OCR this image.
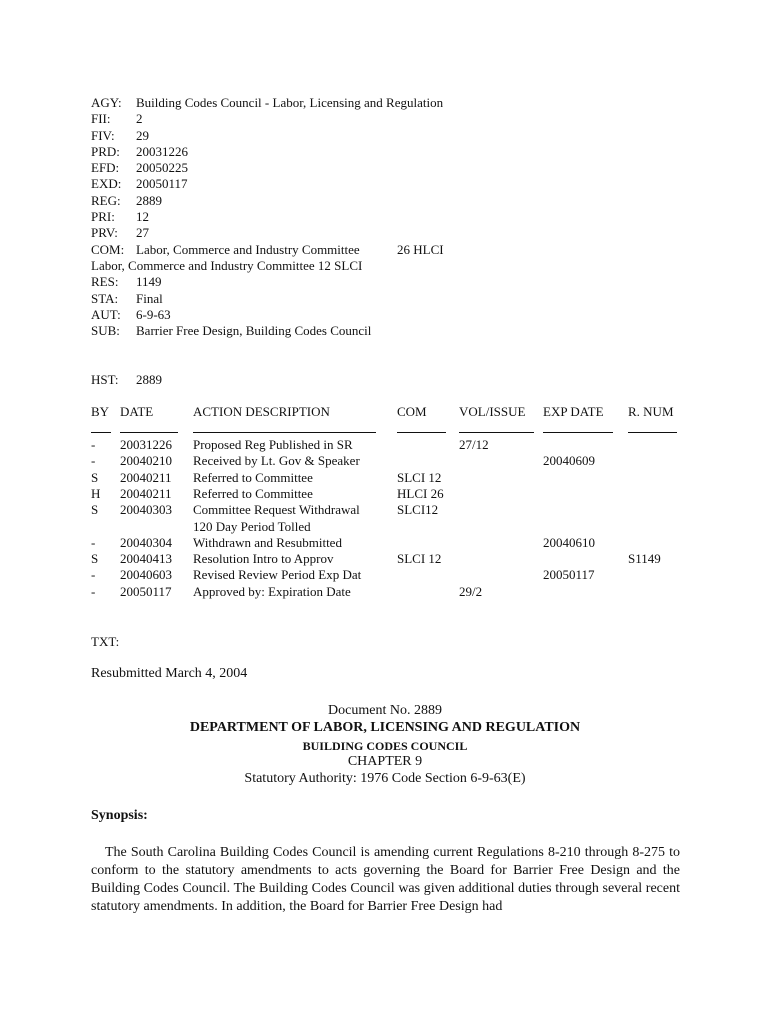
AGY: Building Codes Council - Labor, Licensing and Regulation
FII: 2
FIV: 29
PRD: 20031226
EFD: 20050225
EXD: 20050117
REG: 2889
PRI: 12
PRV: 27
COM: Labor, Commerce and Industry Committee	26 HLCI
Labor, Commerce and Industry Committee 12 SLCI
RES: 1149
STA: Final
AUT: 6-9-63
SUB: Barrier Free Design, Building Codes Council
HST: 2889
BY DATE	ACTION DESCRIPTION	COM VOL/ISSUE EXP DATE R. NUM
- 20031226 Proposed Reg Published in SR	27/12
- 20040210 Received by Lt. Gov & Speaker	20040609
S 20040211 Referred to Committee	SLCI 12
H 20040211 Referred to Committee	HLCI 26
S 20040303 Committee Request Withdrawal	SLCI12
120 Day Period Tolled
- 20040304 Withdrawn and Resubmitted	20040610
S 20040413 Resolution Intro to Approv	SLCI 12	S1149
- 20040603 Revised Review Period Exp Dat	20050117
- 20050117 Approved by: Expiration Date	29/2
TXT:
Resubmitted March 4, 2004
Document No. 2889
DEPARTMENT OF LABOR, LICENSING AND REGULATION
BUILDING CODES COUNCIL
CHAPTER 9
Statutory Authority: 1976 Code Section 6-9-63(E)
Synopsis:
The South Carolina Building Codes Council is amending current Regulations 8-210 through 8-275 to conform to the statutory amendments to acts governing the Board for Barrier Free Design and the Building Codes Council. The Building Codes Council was given additional duties through several recent statutory amendments. In addition, the Board for Barrier Free Design had
